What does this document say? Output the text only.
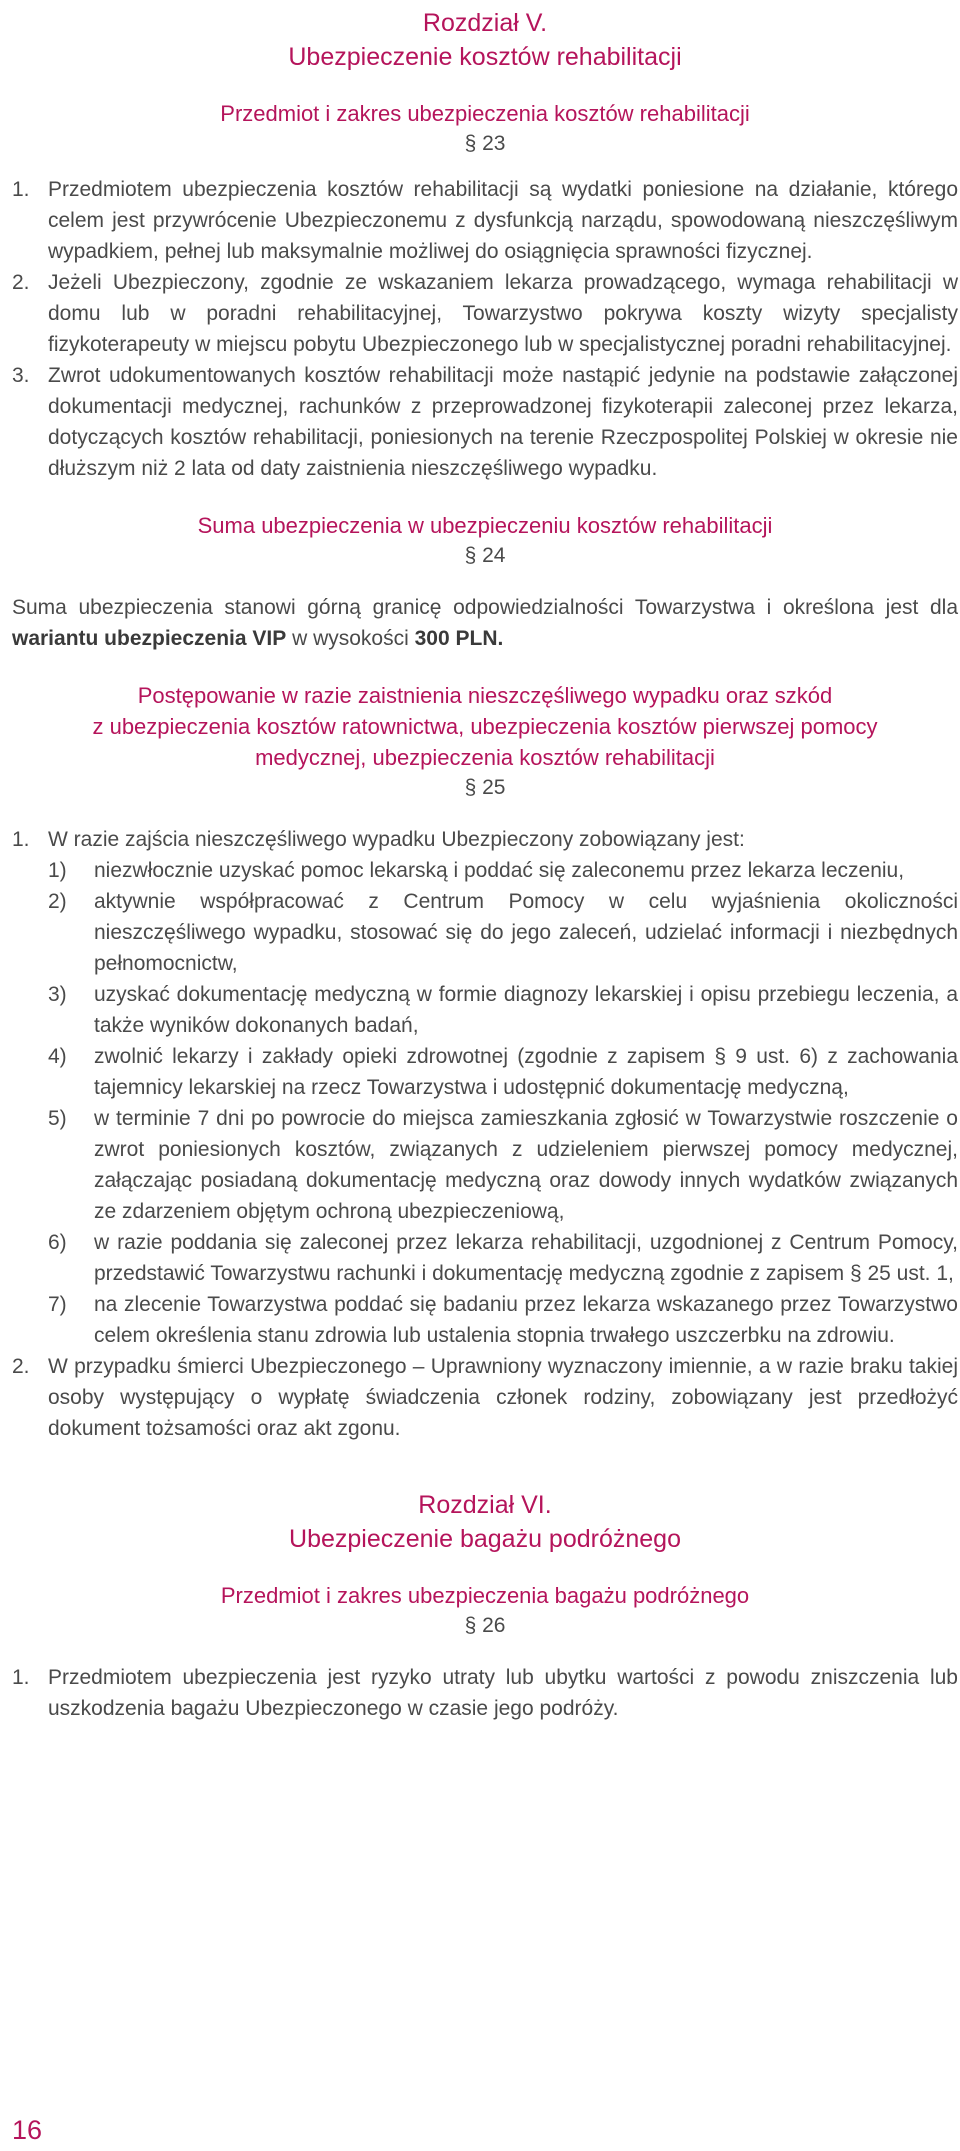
Rozdział V.
Ubezpieczenie kosztów rehabilitacji
Przedmiot i zakres ubezpieczenia kosztów rehabilitacji

§ 23

1. Przedmiotem ubezpieczenia kosztów rehabilitacji są wydatki poniesione na działanie, którego celem jest przywrócenie Ubezpieczonemu z dysfunkcją narządu, spowodowaną nieszczęśliwym wypadkiem, pełnej lub maksymalnie możliwej do osiągnięcia sprawności fizycznej.
2. Jeżeli Ubezpieczony, zgodnie ze wskazaniem lekarza prowadzącego, wymaga rehabilitacji w domu lub w poradni rehabilitacyjnej, Towarzystwo pokrywa koszty wizyty specjalisty fizykoterapeuty w miejscu pobytu Ubezpieczonego lub w specjalistycznej poradni rehabilitacyjnej.
3. Zwrot udokumentowanych kosztów rehabilitacji może nastąpić jedynie na podstawie załączonej dokumentacji medycznej, rachunków z przeprowadzonej fizykoterapii zaleconej przez lekarza, dotyczących kosztów rehabilitacji, poniesionych na terenie Rzeczpospolitej Polskiej w okresie nie dłuższym niż 2 lata od daty zaistnienia nieszczęśliwego wypadku.
Suma ubezpieczenia w ubezpieczeniu kosztów rehabilitacji

§ 24

Suma ubezpieczenia stanowi górną granicę odpowiedzialności Towarzystwa i określona jest dla wariantu ubezpieczenia VIP w wysokości 300 PLN.

Postępowanie w razie zaistnienia nieszczęśliwego wypadku oraz szkód
z ubezpieczenia kosztów ratownictwa, ubezpieczenia kosztów pierwszej pomocy
medycznej, ubezpieczenia kosztów rehabilitacji

§ 25

1. W razie zajścia nieszczęśliwego wypadku Ubezpieczony zobowiązany jest:
1) niezwłocznie uzyskać pomoc lekarską i poddać się zaleconemu przez lekarza leczeniu,
2) aktywnie współpracować z Centrum Pomocy w celu wyjaśnienia okoliczności nieszczęśliwego wypadku, stosować się do jego zaleceń, udzielać informacji i niezbędnych pełnomocnictw,
3) uzyskać dokumentację medyczną w formie diagnozy lekarskiej i opisu przebiegu leczenia, a także wyników dokonanych badań,
4) zwolnić lekarzy i zakłady opieki zdrowotnej (zgodnie z zapisem § 9 ust. 6) z zachowania tajemnicy lekarskiej na rzecz Towarzystwa i udostępnić dokumentację medyczną,
5) w terminie 7 dni po powrocie do miejsca zamieszkania zgłosić w Towarzystwie roszczenie o zwrot poniesionych kosztów, związanych z udzieleniem pierwszej pomocy medycznej, załączając posiadaną dokumentację medyczną oraz dowody innych wydatków związanych ze zdarzeniem objętym ochroną ubezpieczeniową,
6) w razie poddania się zaleconej przez lekarza rehabilitacji, uzgodnionej z Centrum Pomocy, przedstawić Towarzystwu rachunki i dokumentację medyczną zgodnie z zapisem § 25 ust. 1,
7) na zlecenie Towarzystwa poddać się badaniu przez lekarza wskazanego przez Towarzystwo celem określenia stanu zdrowia lub ustalenia stopnia trwałego uszczerbku na zdrowiu.
2. W przypadku śmierci Ubezpieczonego – Uprawniony wyznaczony imiennie, a w razie braku takiej osoby występujący o wypłatę świadczenia członek rodziny, zobowiązany jest przedłożyć dokument tożsamości oraz akt zgonu.
Rozdział VI.
Ubezpieczenie bagażu podróżnego
Przedmiot i zakres ubezpieczenia bagażu podróżnego

§ 26

1. Przedmiotem ubezpieczenia jest ryzyko utraty lub ubytku wartości z powodu zniszczenia lub uszkodzenia bagażu Ubezpieczonego w czasie jego podróży.
16
